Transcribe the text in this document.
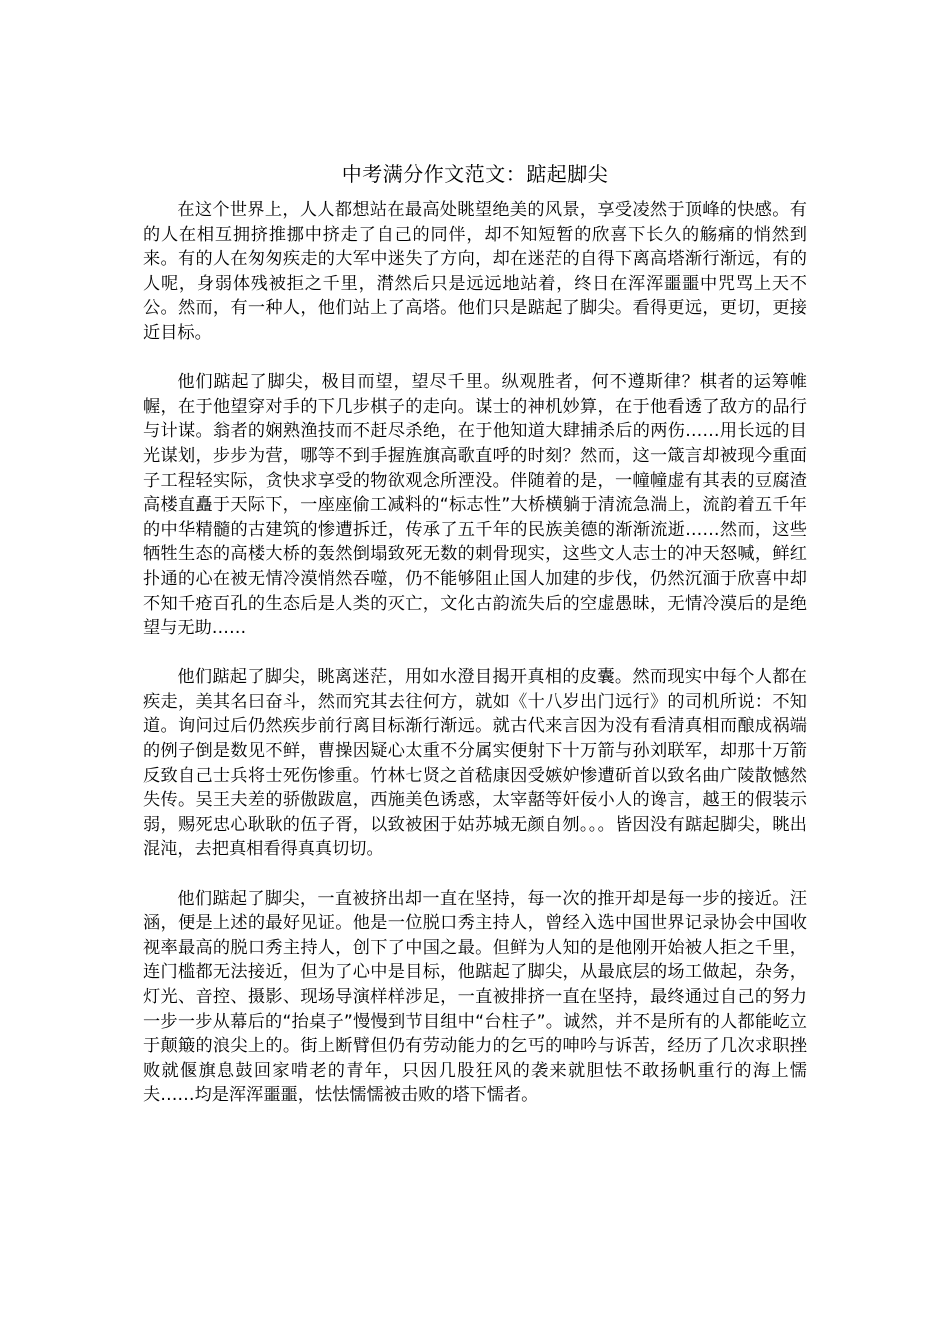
中考满分作文范文：踮起脚尖

在这个世界上，人人都想站在最高处眺望绝美的风景，享受凌然于顶峰的快感。有的人在相互拥挤推挪中挤走了自己的同伴，却不知短暂的欣喜下长久的觞痛的悄然到来。有的人在匆匆疾走的大军中迷失了方向，却在迷茫的自得下离高塔渐行渐远，有的人呢，身弱体残被拒之千里，潸然后只是远远地站着，终日在浑浑噩噩中咒骂上天不公。然而，有一种人，他们站上了高塔。他们只是踮起了脚尖。看得更远，更切，更接近目标。

他们踮起了脚尖，极目而望，望尽千里。纵观胜者，何不遵斯律？棋者的运筹帷幄，在于他望穿对手的下几步棋子的走向。谋士的神机妙算，在于他看透了敌方的品行与计谋。翁者的娴熟渔技而不赶尽杀绝，在于他知道大肆捕杀后的两伤……用长远的目光谋划，步步为营，哪等不到手握旌旗高歌直呼的时刻？然而，这一箴言却被现今重面子工程轻实际，贪快求享受的物欲观念所湮没。伴随着的是，一幢幢虚有其表的豆腐渣高楼直矗于天际下，一座座偷工减料的“标志性”大桥横躺于清流急湍上，流韵着五千年的中华精髓的古建筑的惨遭拆迁，传承了五千年的民族美德的渐渐流逝……然而，这些牺牲生态的高楼大桥的轰然倒塌致死无数的刺骨现实，这些文人志士的冲天怒喊，鲜红扑通的心在被无情冷漠悄然吞噬，仍不能够阻止国人加建的步伐，仍然沉湎于欣喜中却不知千疮百孔的生态后是人类的灭亡，文化古韵流失后的空虚愚昧，无情冷漠后的是绝望与无助……

他们踮起了脚尖，眺离迷茫，用如水澄目揭开真相的皮囊。然而现实中每个人都在疾走，美其名曰奋斗，然而究其去往何方，就如《十八岁出门远行》的司机所说：不知道。询问过后仍然疾步前行离目标渐行渐远。就古代来言因为没有看清真相而酿成祸端的例子倒是数见不鲜，曹操因疑心太重不分属实便射下十万箭与孙刘联军，却那十万箭反致自己士兵将士死伤惨重。竹林七贤之首嵇康因受嫉妒惨遭斫首以致名曲广陵散憾然失传。吴王夫差的骄傲跋扈，西施美色诱惑，太宰嚭等奸佞小人的谗言，越王的假装示弱，赐死忠心耿耿的伍子胥，以致被困于姑苏城无颜自刎。。。皆因没有踮起脚尖，眺出混沌，去把真相看得真真切切。

他们踮起了脚尖，一直被挤出却一直在坚持，每一次的推开却是每一步的接近。汪涵，便是上述的最好见证。他是一位脱口秀主持人，曾经入选中国世界记录协会中国收视率最高的脱口秀主持人，创下了中国之最。但鲜为人知的是他刚开始被人拒之千里，连门槛都无法接近，但为了心中是目标，他踮起了脚尖，从最底层的场工做起，杂务，灯光、音控、摄影、现场导演样样涉足，一直被排挤一直在坚持，最终通过自己的努力一步一步从幕后的“抬桌子”慢慢到节目组中“台柱子”。诚然，并不是所有的人都能屹立于颠簸的浪尖上的。街上断臂但仍有劳动能力的乞丐的呻吟与诉苦，经历了几次求职挫败就偃旗息鼓回家啃老的青年，只因几股狂风的袭来就胆怯不敢扬帆重行的海上懦夫……均是浑浑噩噩，怯怯懦懦被击败的塔下懦者。
